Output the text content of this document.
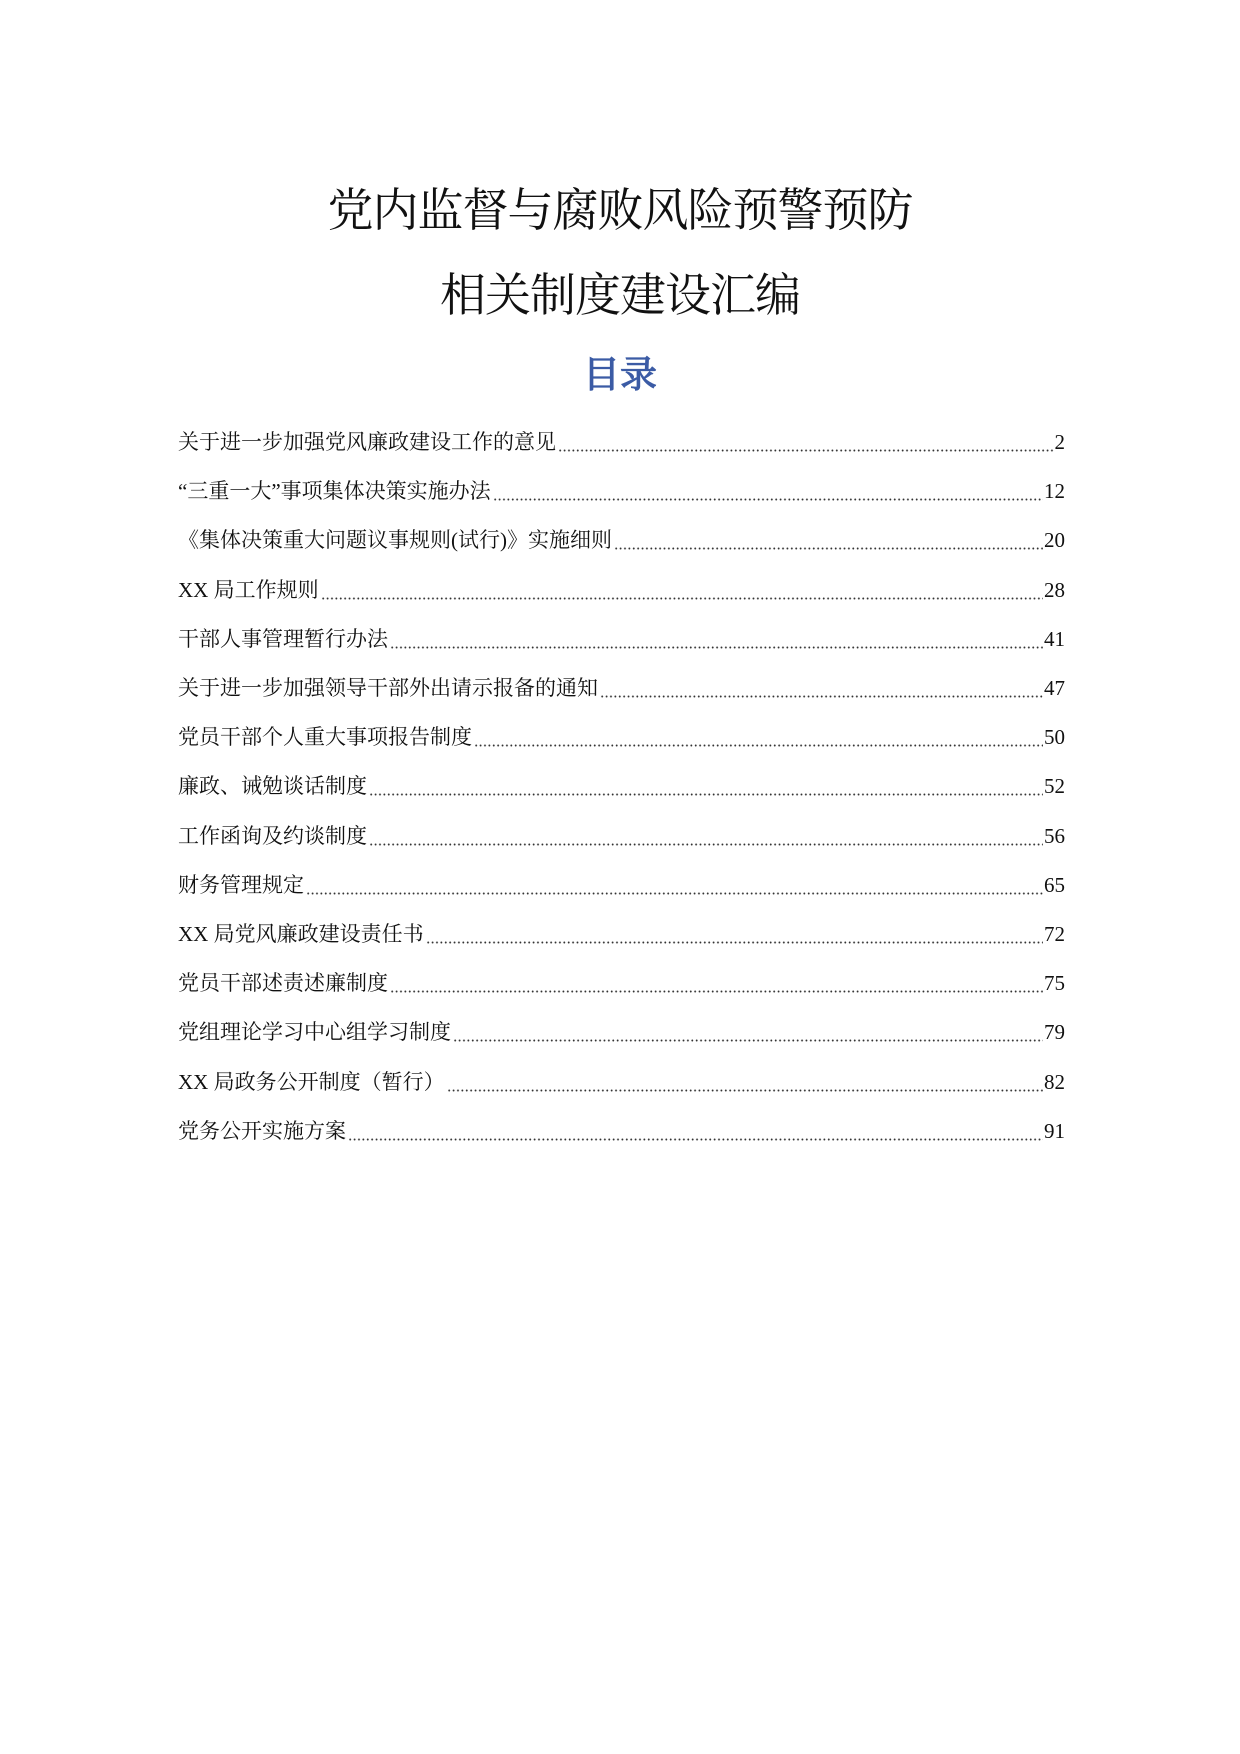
党内监督与腐败风险预警预防
相关制度建设汇编
目录
关于进一步加强党风廉政建设工作的意见	2
“三重一大”事项集体决策实施办法	12
《集体决策重大问题议事规则(试行)》实施细则	20
XX 局工作规则	28
干部人事管理暂行办法	41
关于进一步加强领导干部外出请示报备的通知	47
党员干部个人重大事项报告制度	50
廉政、诫勉谈话制度	52
工作函询及约谈制度	56
财务管理规定	65
XX 局党风廉政建设责任书	72
党员干部述责述廉制度	75
党组理论学习中心组学习制度	79
XX 局政务公开制度（暂行）	82
党务公开实施方案	91
